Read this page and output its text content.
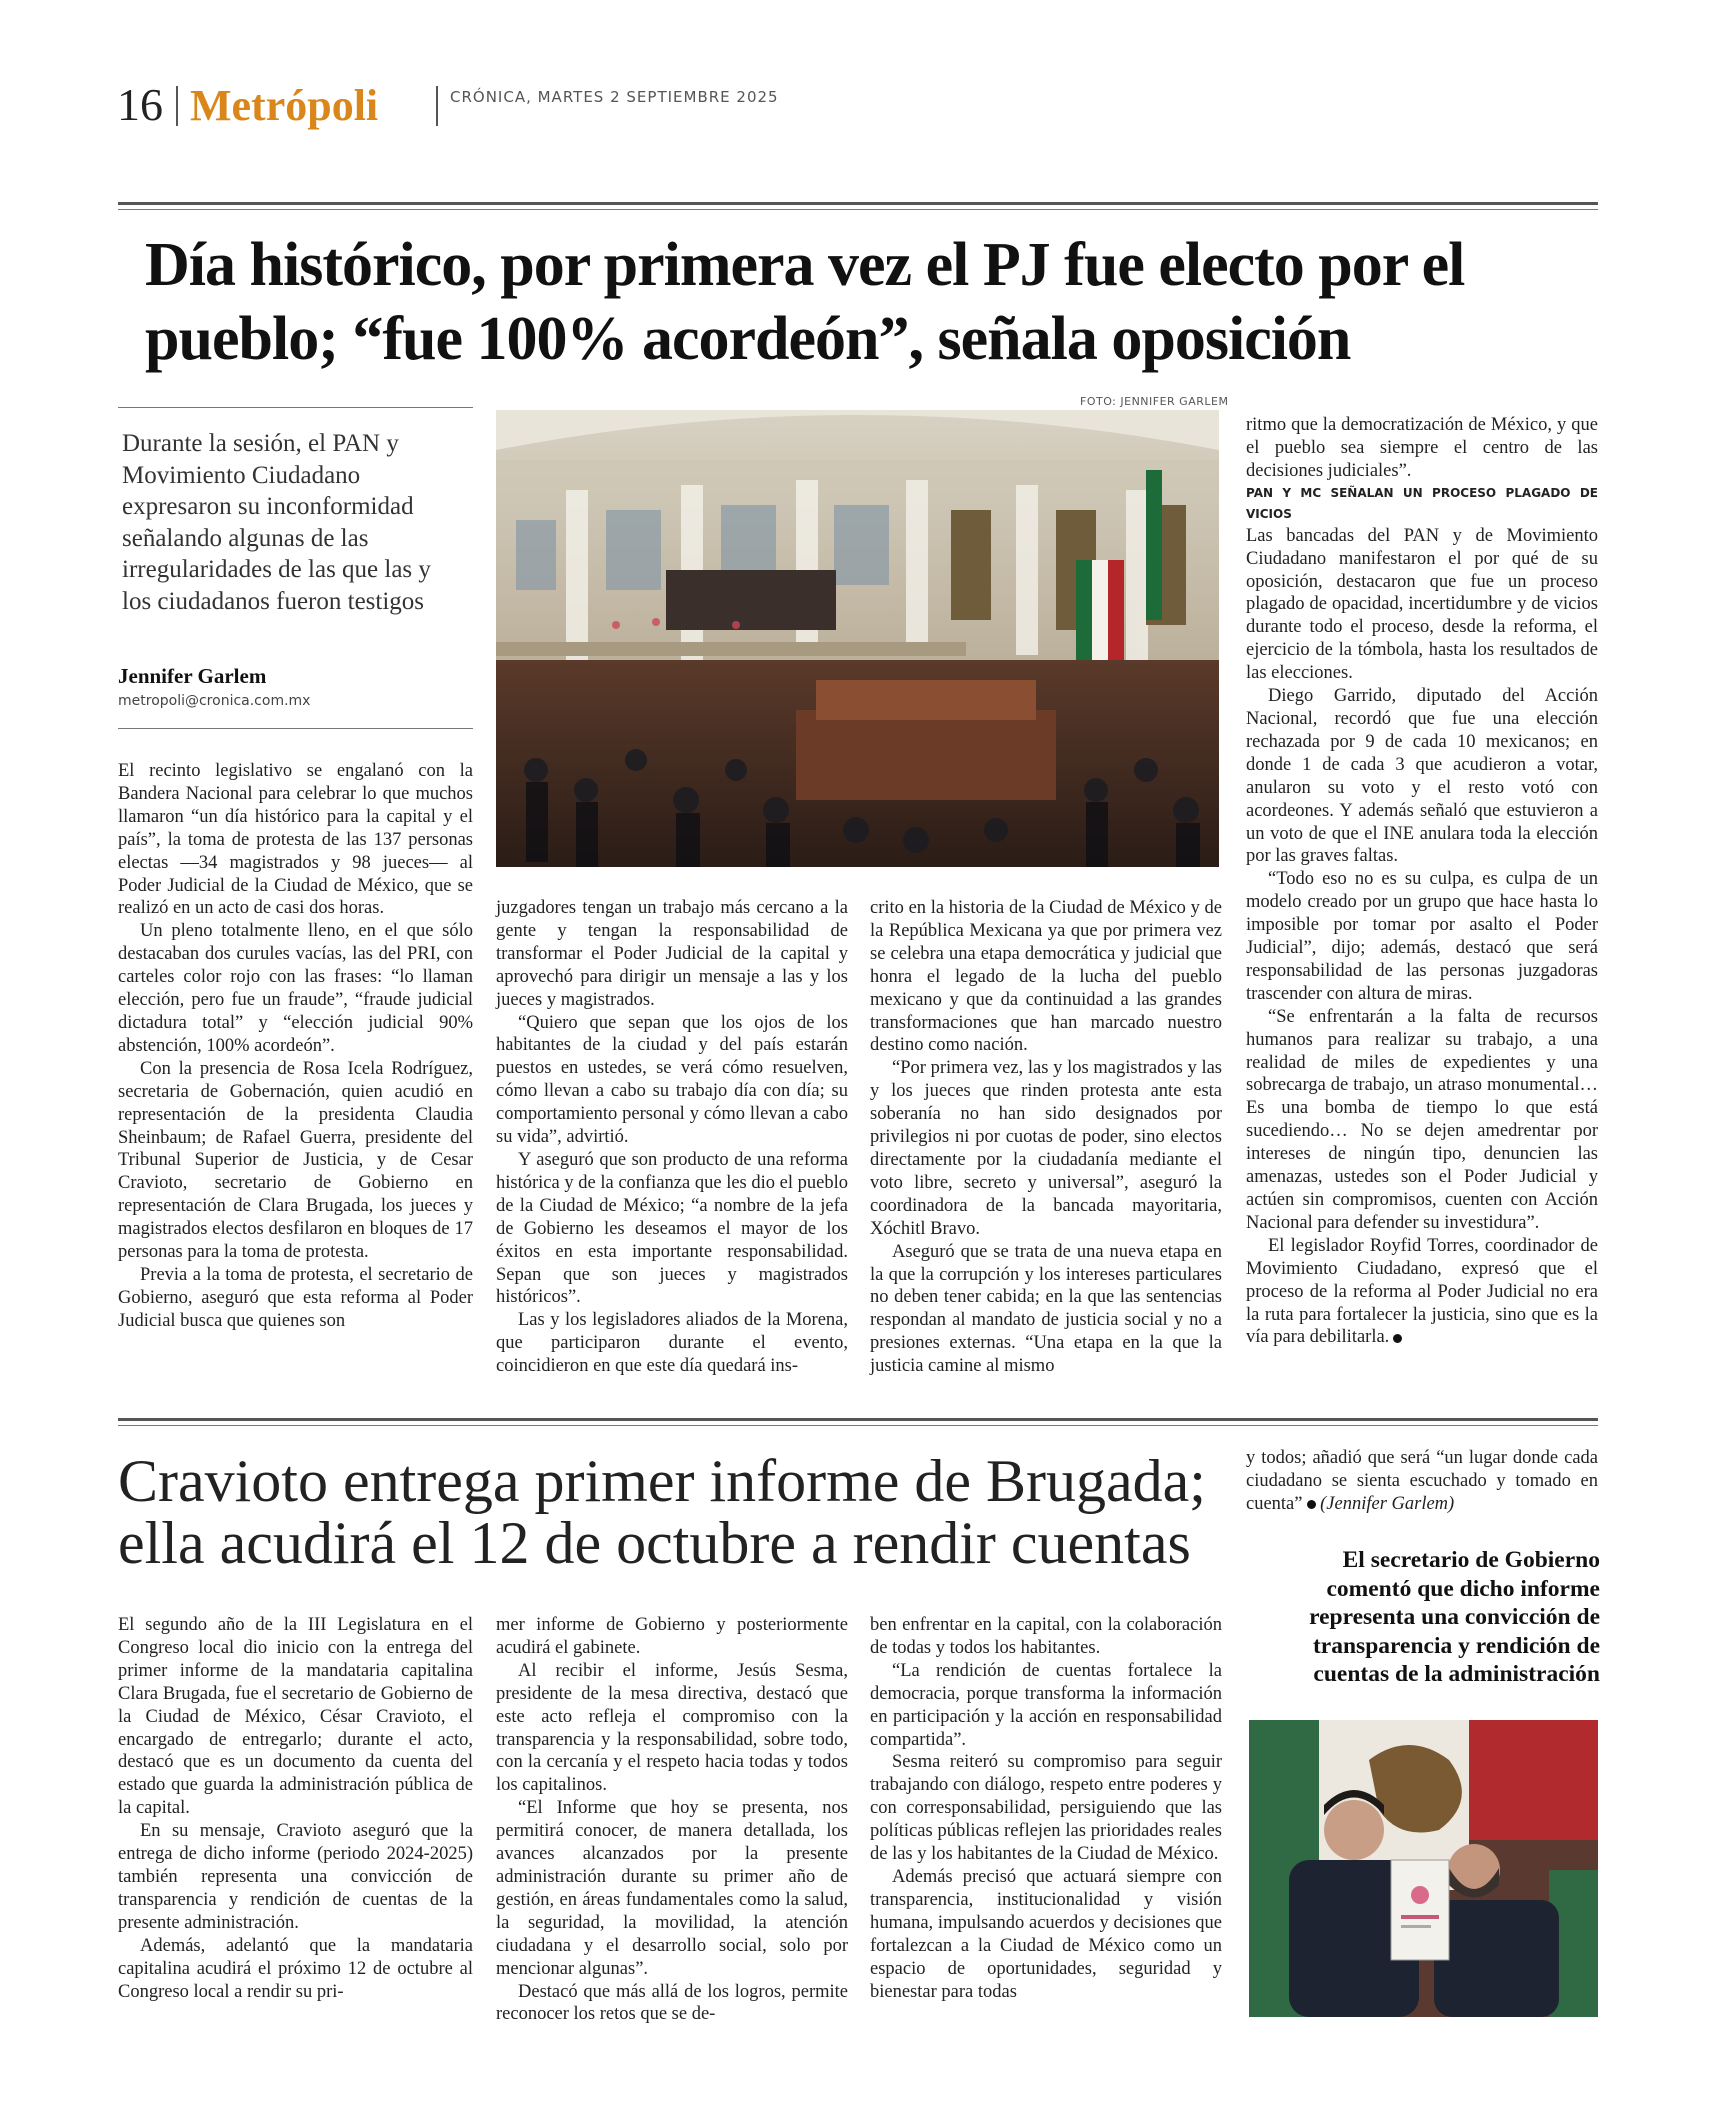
16 Metrópoli	CRÓNICA, MARTES 2 SEPTIEMBRE 2025
Día histórico, por primera vez el PJ fue electo por el pueblo; “fue 100% acordeón”, señala oposición
Durante la sesión, el PAN y Movimiento Ciudadano expresaron su inconformidad señalando algunas de las irregularidades de las que las y los ciudadanos fueron testigos
Jennifer Garlem
metropoli@cronica.com.mx
FOTO: JENNIFER GARLEM

El recinto legislativo se engalanó con la Bandera Nacional para celebrar lo que muchos llamaron “un día histórico para la capital y el país”, la toma de protesta de las 137 personas electas —34 magistrados y 98 jueces— al Poder Judicial de la Ciudad de México, que se realizó en un acto de casi dos horas.

Un pleno totalmente lleno, en el que sólo destacaban dos curules vacías, las del PRI, con carteles color rojo con las frases: “lo llaman elección, pero fue un fraude”, “fraude judicial dictadura total” y “elección judicial 90% abstención, 100% acordeón”.

Con la presencia de Rosa Icela Rodríguez, secretaria de Gobernación, quien acudió en representación de la presidenta Claudia Sheinbaum; de Rafael Guerra, presidente del Tribunal Superior de Justicia, y de Cesar Cravioto, secretario de Gobierno en representación de Clara Brugada, los jueces y magistrados electos desfilaron en bloques de 17 personas para la toma de protesta.

Previa a la toma de protesta, el secretario de Gobierno, aseguró que esta reforma al Poder Judicial busca que quienes son

juzgadores tengan un trabajo más cercano a la gente y tengan la responsabilidad de transformar el Poder Judicial de la capital y aprovechó para dirigir un mensaje a las y los jueces y magistrados.

“Quiero que sepan que los ojos de los habitantes de la ciudad y del país estarán puestos en ustedes, se verá cómo resuelven, cómo llevan a cabo su trabajo día con día; su comportamiento personal y cómo llevan a cabo su vida”, advirtió.

Y aseguró que son producto de una reforma histórica y de la confianza que les dio el pueblo de la Ciudad de México; “a nombre de la jefa de Gobierno les deseamos el mayor de los éxitos en esta importante responsabilidad. Sepan que son jueces y magistrados históricos”.

Las y los legisladores aliados de la Morena, que participaron durante el evento, coincidieron en que este día quedará ins-

crito en la historia de la Ciudad de México y de la República Mexicana ya que por primera vez se celebra una etapa democrática y judicial que honra el legado de la lucha del pueblo mexicano y que da continuidad a las grandes transformaciones que han marcado nuestro destino como nación.

“Por primera vez, las y los magistrados y las y los jueces que rinden protesta ante esta soberanía no han sido designados por privilegios ni por cuotas de poder, sino electos directamente por la ciudadanía mediante el voto libre, secreto y universal”, aseguró la coordinadora de la bancada mayoritaria, Xóchitl Bravo.

Aseguró que se trata de una nueva etapa en la que la corrupción y los intereses particulares no deben tener cabida; en la que las sentencias respondan al mandato de justicia social y no a presiones externas. “Una etapa en la que la justicia camine al mismo

ritmo que la democratización de México, y que el pueblo sea siempre el centro de las decisiones judiciales”.

PAN Y MC SEÑALAN UN PROCESO PLAGADO DE VICIOS

Las bancadas del PAN y de Movimiento Ciudadano manifestaron el por qué de su oposición, destacaron que fue un proceso plagado de opacidad, incertidumbre y de vicios durante todo el proceso, desde la reforma, el ejercicio de la tómbola, hasta los resultados de las elecciones.

Diego Garrido, diputado del Acción Nacional, recordó que fue una elección rechazada por 9 de cada 10 mexicanos; en donde 1 de cada 3 que acudieron a votar, anularon su voto y el resto votó con acordeones. Y además señaló que estuvieron a un voto de que el INE anulara toda la elección por las graves faltas.

“Todo eso no es su culpa, es culpa de un modelo creado por un grupo que hace hasta lo imposible por tomar por asalto el Poder Judicial”, dijo; además, destacó que será responsabilidad de las personas juzgadoras trascender con altura de miras.

“Se enfrentarán a la falta de recursos humanos para realizar su trabajo, a una realidad de miles de expedientes y una sobrecarga de trabajo, un atraso monumental… Es una bomba de tiempo lo que está sucediendo… No se dejen amedrentar por intereses de ningún tipo, denuncien las amenazas, ustedes son el Poder Judicial y actúen sin compromisos, cuenten con Acción Nacional para defender su investidura”.

El legislador Royfid Torres, coordinador de Movimiento Ciudadano, expresó que el proceso de la reforma al Poder Judicial no era la ruta para fortalecer la justicia, sino que es la vía para debilitarla.

Cravioto entrega primer informe de Brugada; ella acudirá el 12 de octubre a rendir cuentas

y todos; añadió que será “un lugar donde cada ciudadano se sienta escuchado y tomado en cuenta” (Jennifer Garlem)

El secretario de Gobierno comentó que dicho informe representa una convicción de transparencia y rendición de cuentas de la administración

El segundo año de la III Legislatura en el Congreso local dio inicio con la entrega del primer informe de la mandataria capitalina Clara Brugada, fue el secretario de Gobierno de la Ciudad de México, César Cravioto, el encargado de entregarlo; durante el acto, destacó que es un documento da cuenta del estado que guarda la administración pública de la capital.

En su mensaje, Cravioto aseguró que la entrega de dicho informe (periodo 2024-2025) también representa una convicción de transparencia y rendición de cuentas de la presente administración.

Además, adelantó que la mandataria capitalina acudirá el próximo 12 de octubre al Congreso local a rendir su pri-

mer informe de Gobierno y posteriormente acudirá el gabinete.

Al recibir el informe, Jesús Sesma, presidente de la mesa directiva, destacó que este acto refleja el compromiso con la transparencia y la responsabilidad, sobre todo, con la cercanía y el respeto hacia todas y todos los capitalinos.

“El Informe que hoy se presenta, nos permitirá conocer, de manera detallada, los avances alcanzados por la presente administración durante su primer año de gestión, en áreas fundamentales como la salud, la seguridad, la movilidad, la atención ciudadana y el desarrollo social, solo por mencionar algunas”.

Destacó que más allá de los logros, permite reconocer los retos que se de-

ben enfrentar en la capital, con la colaboración de todas y todos los habitantes.

“La rendición de cuentas fortalece la democracia, porque transforma la información en participación y la acción en responsabilidad compartida”.

Sesma reiteró su compromiso para seguir trabajando con diálogo, respeto entre poderes y con corresponsabilidad, persiguiendo que las políticas públicas reflejen las prioridades reales de las y los habitantes de la Ciudad de México.

Además precisó que actuará siempre con transparencia, institucionalidad y visión humana, impulsando acuerdos y decisiones que fortalezcan a la Ciudad de México como un espacio de oportunidades, seguridad y bienestar para todas
